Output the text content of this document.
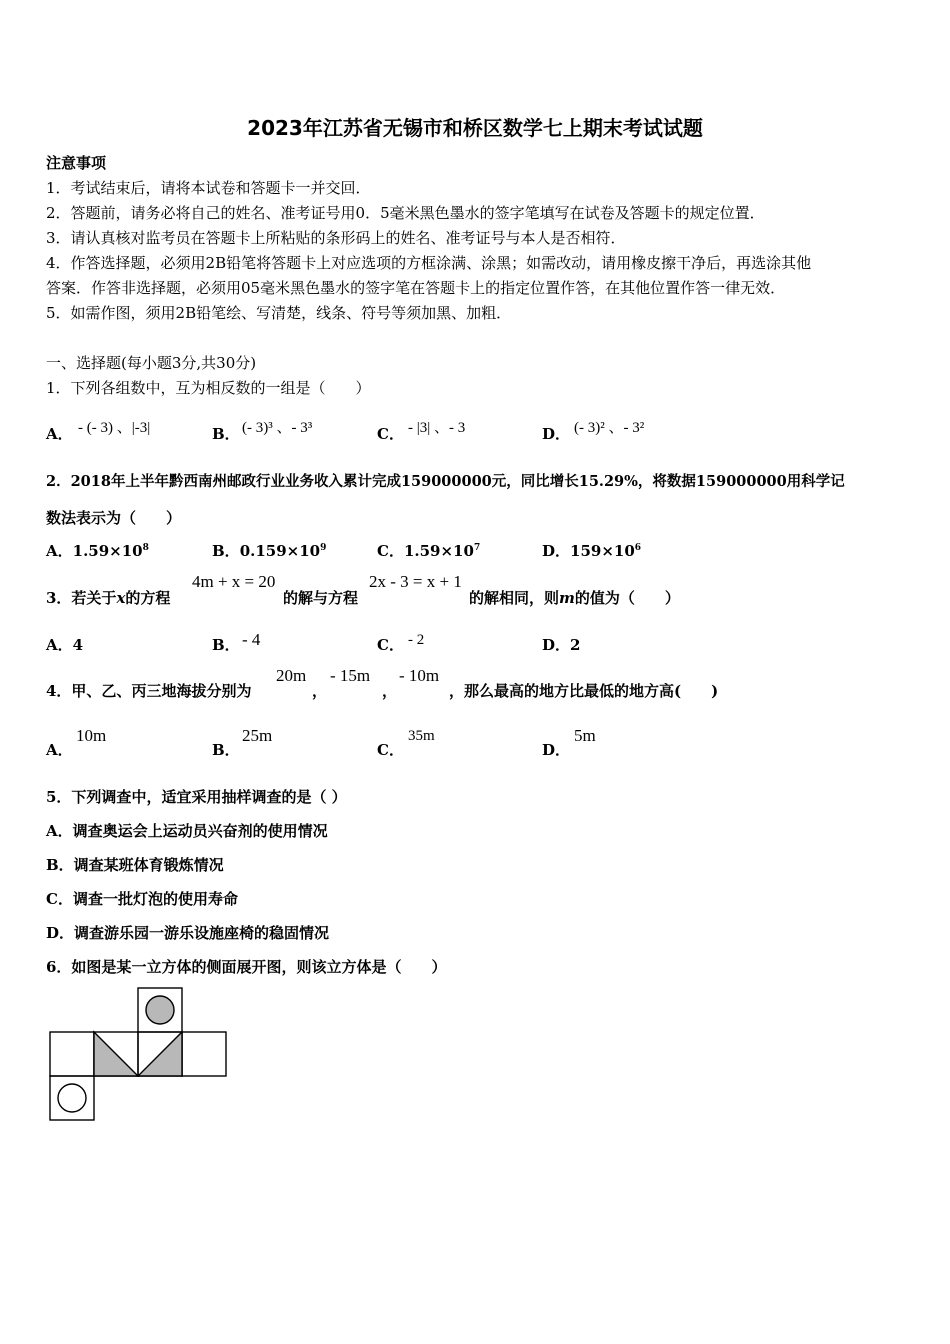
2023年江苏省无锡市和桥区数学七上期末考试试题
注意事项
1．考试结束后，请将本试卷和答题卡一并交回．
2．答题前，请务必将自己的姓名、准考证号用0．5毫米黑色墨水的签字笔填写在试卷及答题卡的规定位置．
3．请认真核对监考员在答题卡上所粘贴的条形码上的姓名、准考证号与本人是否相符．
4．作答选择题，必须用2B铅笔将答题卡上对应选项的方框涂满、涂黑；如需改动，请用橡皮擦干净后，再选涂其他
答案．作答非选择题，必须用05毫米黑色墨水的签字笔在答题卡上的指定位置作答，在其他位置作答一律无效．
5．如需作图，须用2B铅笔绘、写清楚，线条、符号等须加黑、加粗．
一、选择题(每小题3分,共30分)
1．下列各组数中，互为相反数的一组是（　　）
A． - (- 3) 、|-3|	B． (- 3)³ 、- 3³	C． - |3| 、- 3	D． (- 3)² 、- 3²
2．2018年上半年黔西南州邮政行业业务收入累计完成159000000元，同比增长15.29%，将数据159000000用科学记
数法表示为（　　）
A．$1.59\times 10^8$	B．$0.159\times 10^9$	C．$1.59\times 10^7$	D．$159\times 10^6$
3．若关于x的方程
4m + x = 20
的解与方程
2x - 3 = x + 1
的解相同，则m的值为（　　）
A．4	B． - 4	C． - 2	D．2
4．甲、乙、丙三地海拔分别为
20m
，
- 15m
，
- 10m
，那么最高的地方比最低的地方高(　　)
A．
10m
B．
25m
C．
35m
D．
5m
5．下列调查中，适宜采用抽样调查的是（ ）
A．调查奥运会上运动员兴奋剂的使用情况
B．调查某班体育锻炼情况
C．调查一批灯泡的使用寿命
D．调查游乐园一游乐设施座椅的稳固情况
6．如图是某一立方体的侧面展开图，则该立方体是（　　）
